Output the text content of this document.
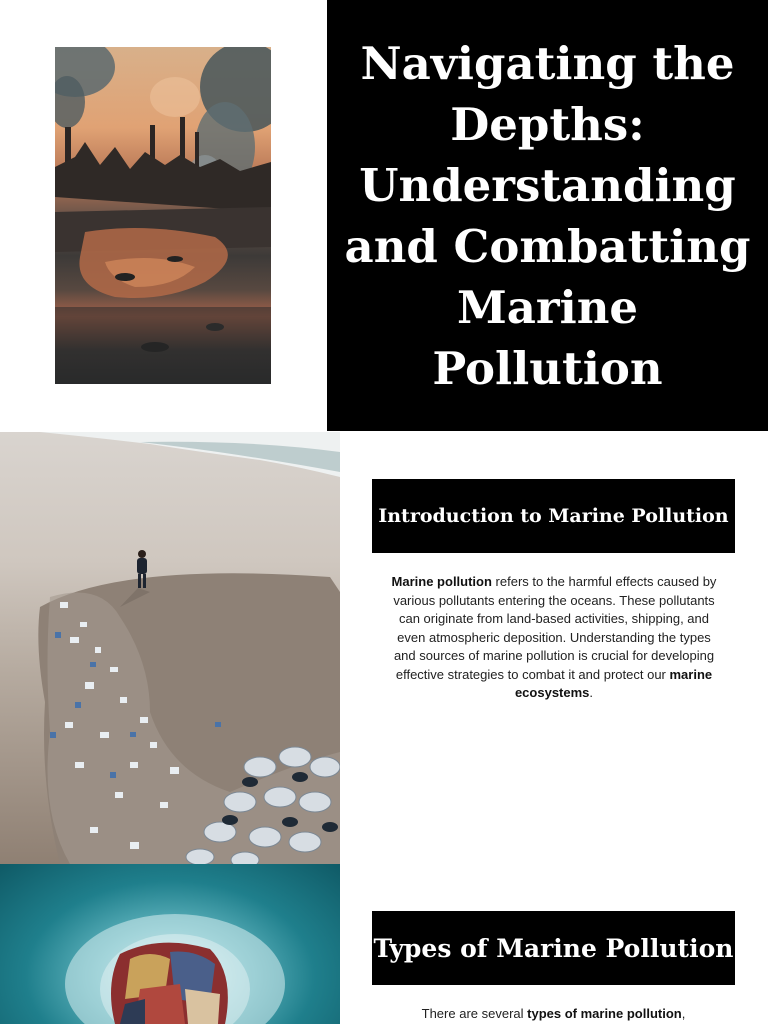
Navigating the Depths: Understanding and Combatting Marine Pollution
Introduction to Marine Pollution

Marine pollution refers to the harmful effects caused by various pollutants entering the oceans. These pollutants can originate from land-based activities, shipping, and even atmospheric deposition. Understanding the types and sources of marine pollution is crucial for developing effective strategies to combat it and protect our marine ecosystems.

Types of Marine Pollution

There are several types of marine pollution,
